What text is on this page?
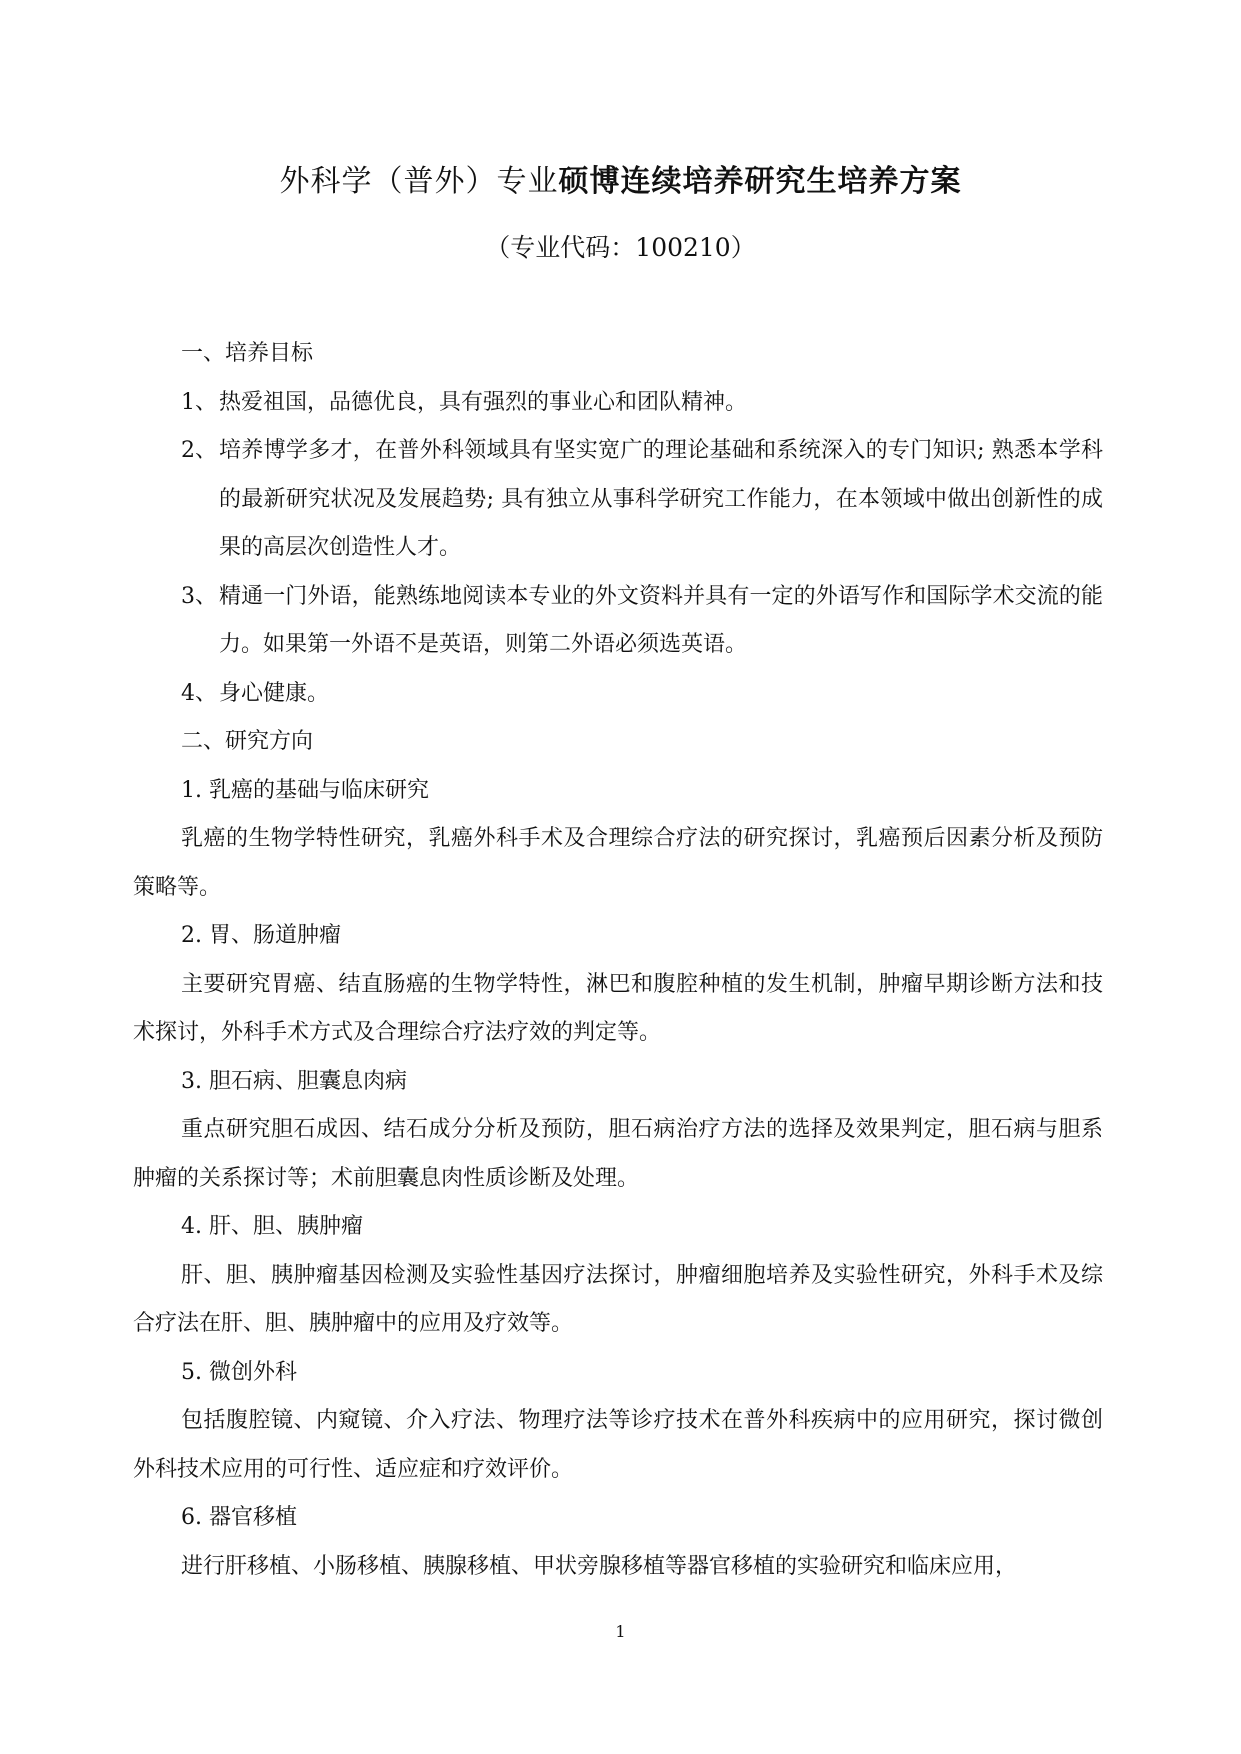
外科学（普外）专业硕博连续培养研究生培养方案
（专业代码：100210）
一、培养目标
1、 热爱祖国，品德优良，具有强烈的事业心和团队精神。
2、 培养博学多才，在普外科领域具有坚实宽广的理论基础和系统深入的专门知识; 熟悉本学科的最新研究状况及发展趋势; 具有独立从事科学研究工作能力，在本领域中做出创新性的成果的高层次创造性人才。
3、 精通一门外语，能熟练地阅读本专业的外文资料并具有一定的外语写作和国际学术交流的能力。如果第一外语不是英语，则第二外语必须选英语。
4、 身心健康。
二、研究方向
1. 乳癌的基础与临床研究
乳癌的生物学特性研究，乳癌外科手术及合理综合疗法的研究探讨，乳癌预后因素分析及预防策略等。
2. 胃、肠道肿瘤
主要研究胃癌、结直肠癌的生物学特性，淋巴和腹腔种植的发生机制，肿瘤早期诊断方法和技术探讨，外科手术方式及合理综合疗法疗效的判定等。
3. 胆石病、胆囊息肉病
重点研究胆石成因、结石成分分析及预防，胆石病治疗方法的选择及效果判定，胆石病与胆系肿瘤的关系探讨等；术前胆囊息肉性质诊断及处理。
4. 肝、胆、胰肿瘤
肝、胆、胰肿瘤基因检测及实验性基因疗法探讨，肿瘤细胞培养及实验性研究，外科手术及综合疗法在肝、胆、胰肿瘤中的应用及疗效等。
5. 微创外科
包括腹腔镜、内窥镜、介入疗法、物理疗法等诊疗技术在普外科疾病中的应用研究，探讨微创外科技术应用的可行性、适应症和疗效评价。
6. 器官移植
进行肝移植、小肠移植、胰腺移植、甲状旁腺移植等器官移植的实验研究和临床应用，
1
